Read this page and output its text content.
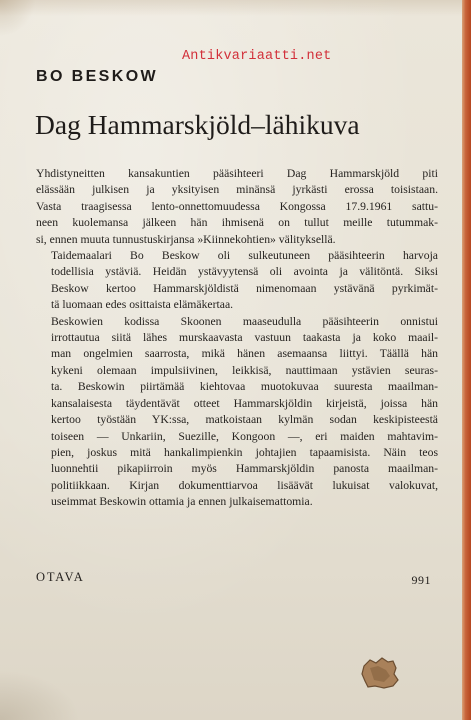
Antikvariaatti.net

BO BESKOW
Dag Hammarskjöld–lähikuva

Yhdistyneitten kansakuntien pääsihteeri Dag Hammarskjöld piti
elässään julkisen ja yksityisen minänsä jyrkästi erossa toisistaan.
Vasta traagisessa lento-onnettomuudessa Kongossa 17.9.1961 sattu-
neen kuolemansa jälkeen hän ihmisenä on tullut meille tutummak-
si, ennen muuta tunnustuskirjansa »Kiinnekohtien» välityksellä.

Taidemaalari Bo Beskow oli sulkeutuneen pääsihteerin harvoja
todellisia ystäviä. Heidän ystävyytensä oli avointa ja välitöntä. Siksi
Beskow kertoo Hammarskjöldistä nimenomaan ystävänä pyrkimät-
tä luomaan edes osittaista elämäkertaa.

Beskowien kodissa Skoonen maaseudulla pääsihteerin onnistui
irrottautua siitä lähes murskaavasta vastuun taakasta ja koko maail-
man ongelmien saarrosta, mikä hänen asemaansa liittyi. Täällä hän
kykeni olemaan impulsiivinen, leikkisä, nauttimaan ystävien seuras-
ta. Beskowin piirtämää kiehtovaa muotokuvaa suuresta maailman-
kansalaisesta täydentävät otteet Hammarskjöldin kirjeistä, joissa hän
kertoo työstään YK:ssa, matkoistaan kylmän sodan keskipisteestä
toiseen — Unkariin, Suezille, Kongoon —, eri maiden mahtavim-
pien, joskus mitä hankalimpienkin johtajien tapaamisista. Näin teos
luonnehtii pikapiirroin myös Hammarskjöldin panosta maailman-
politiikkaan. Kirjan dokumenttiarvoa lisäävät lukuisat valokuvat,
useimmat Beskowin ottamia ja ennen julkaisemattomia.

OTAVA	991
